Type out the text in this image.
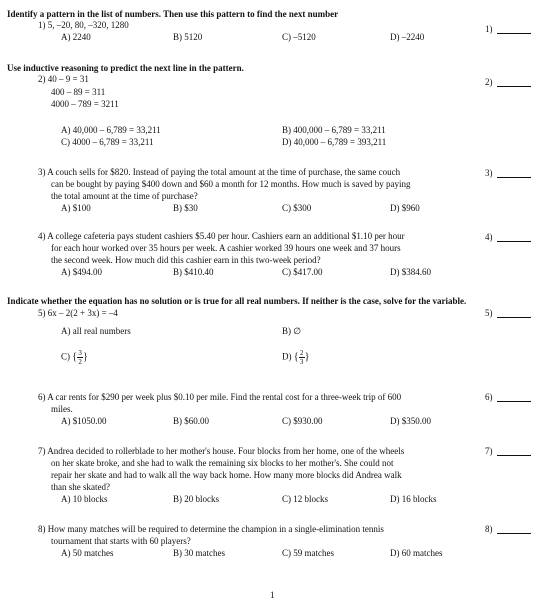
Identify a pattern in the list of numbers. Then use this pattern to find the next number
1) 5, –20, 80, –320, 1280	1)
A) 2240	B) 5120	C) –5120	D) –2240
Use inductive reasoning to predict the next line in the pattern.
2) 40 – 9 = 31
400 – 89 = 311
4000 – 789 = 3211
2)
A) 40,000 – 6,789 = 33,211	B) 400,000 – 6,789 = 33,211
C) 4000 – 6,789 = 33,211	D) 40,000 – 6,789 = 393,211
3) A couch sells for $820. Instead of paying the total amount at the time of purchase, the same couch
can be bought by paying $400 down and $60 a month for 12 months. How much is saved by paying
the total amount at the time of purchase?
3)
A) $100	B) $30	C) $300	D) $960
4) A college cafeteria pays student cashiers $5.40 per hour. Cashiers earn an additional $1.10 per hour
for each hour worked over 35 hours per week. A cashier worked 39 hours one week and 37 hours
the second week. How much did this cashier earn in this two-week period?
4)
A) $494.00	B) $410.40	C) $417.00	D) $384.60
Indicate whether the equation has no solution or is true for all real numbers. If neither is the case, solve for the variable.
5) 6x – 2(2 + 3x) = –4	5)
A) all real numbers	B) ∅
C) { $\frac{3}{2}$ }	D) { $\frac{2}{3}$ }
6) A car rents for $290 per week plus $0.10 per mile. Find the rental cost for a three-week trip of 600
miles.
6)
A) $1050.00	B) $60.00	C) $930.00	D) $350.00
7) Andrea decided to rollerblade to her mother's house. Four blocks from her home, one of the wheels
on her skate broke, and she had to walk the remaining six blocks to her mother's. She could not
repair her skate and had to walk all the way back home. How many more blocks did Andrea walk
than she skated?
7)
A) 10 blocks	B) 20 blocks	C) 12 blocks	D) 16 blocks
8) How many matches will be required to determine the champion in a single-elimination tennis
tournament that starts with 60 players?
8)
A) 50 matches	B) 30 matches	C) 59 matches	D) 60 matches
1
